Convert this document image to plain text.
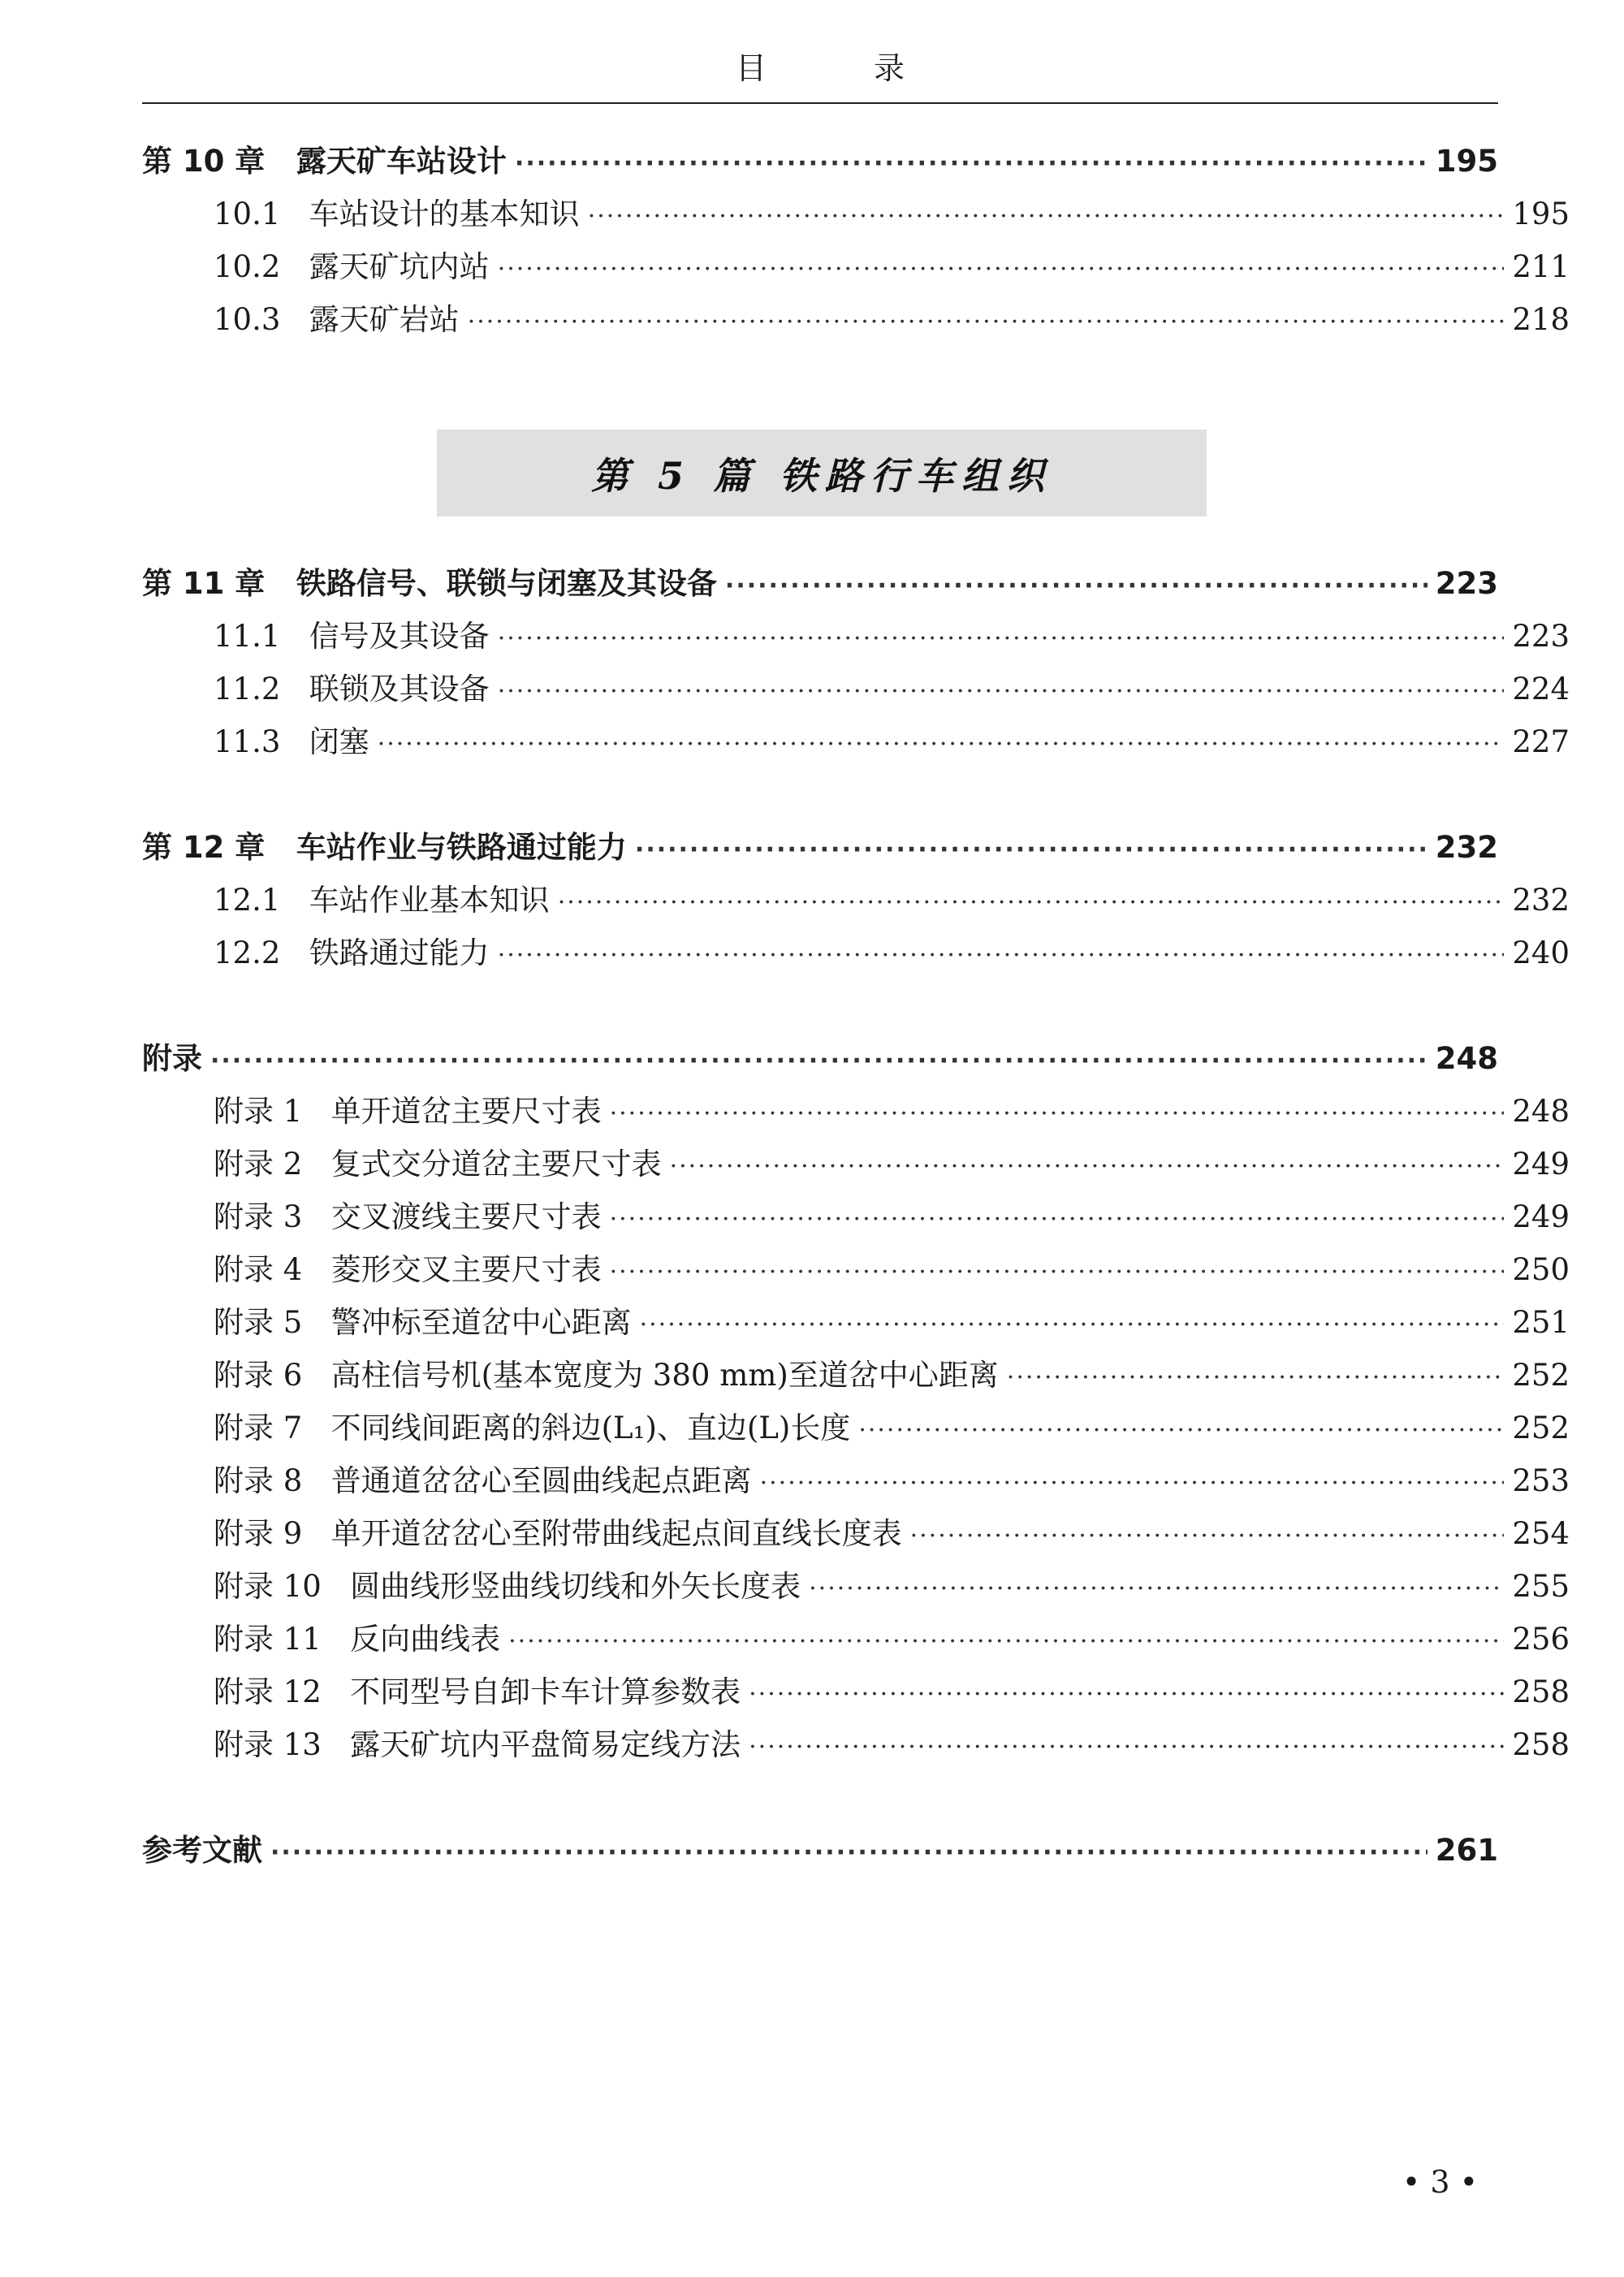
目 录
第 10 章 露天矿车站设计 ·····	195
10.1 车站设计的基本知识 ·····	195
10.2 露天矿坑内站 ·····	211
10.3 露天矿岩站 ·····	218
第 5 篇 铁路行车组织
第 11 章 铁路信号、联锁与闭塞及其设备 ·····	223
11.1 信号及其设备 ·····	223
11.2 联锁及其设备 ·····	224
11.3 闭塞 ·····	227
第 12 章 车站作业与铁路通过能力 ·····	232
12.1 车站作业基本知识 ·····	232
12.2 铁路通过能力 ·····	240
附录 ·····	248
附录 1 单开道岔主要尺寸表 ·····	248
附录 2 复式交分道岔主要尺寸表 ·····	249
附录 3 交叉渡线主要尺寸表 ·····	249
附录 4 菱形交叉主要尺寸表 ·····	250
附录 5 警冲标至道岔中心距离 ·····	251
附录 6 高柱信号机(基本宽度为 380 mm)至道岔中心距离 ·····	252
附录 7 不同线间距离的斜边(L₁)、直边(L)长度 ·····	252
附录 8 普通道岔岔心至圆曲线起点距离 ·····	253
附录 9 单开道岔岔心至附带曲线起点间直线长度表 ·····	254
附录 10 圆曲线形竖曲线切线和外矢长度表 ·····	255
附录 11 反向曲线表 ·····	256
附录 12 不同型号自卸卡车计算参数表 ·····	258
附录 13 露天矿坑内平盘简易定线方法 ·····	258
参考文献 ·····	261
• 3 •
